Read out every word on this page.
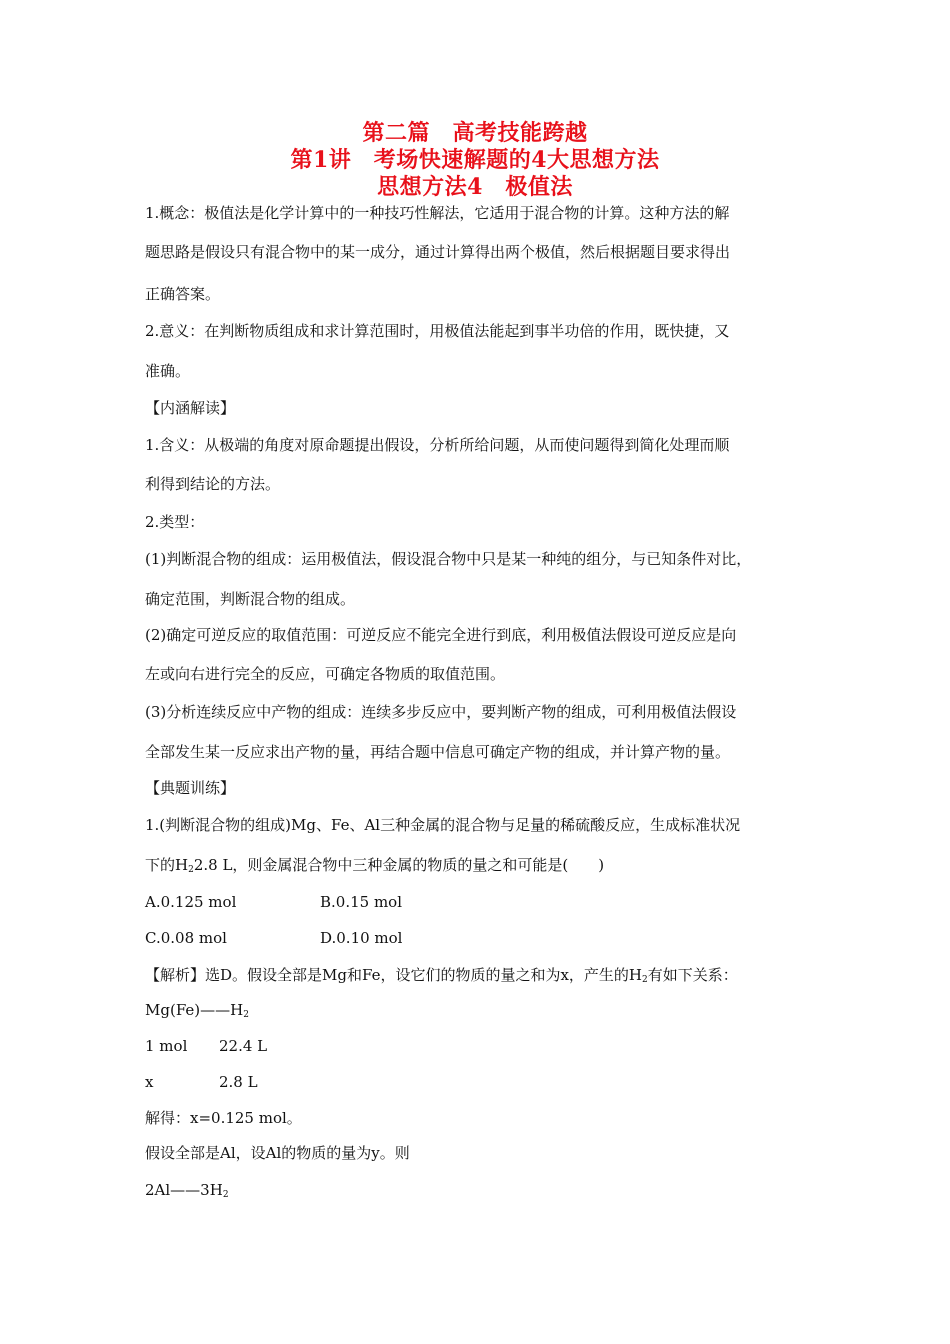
第二篇　高考技能跨越
第1讲　考场快速解题的4大思想方法
思想方法4　极值法
1.概念：极值法是化学计算中的一种技巧性解法，它适用于混合物的计算。这种方法的解
题思路是假设只有混合物中的某一成分，通过计算得出两个极值，然后根据题目要求得出
正确答案。
2.意义：在判断物质组成和求计算范围时，用极值法能起到事半功倍的作用，既快捷，又
准确。
【内涵解读】
1.含义：从极端的角度对原命题提出假设，分析所给问题，从而使问题得到简化处理而顺
利得到结论的方法。
2.类型：
(1)判断混合物的组成：运用极值法，假设混合物中只是某一种纯的组分，与已知条件对比，
确定范围，判断混合物的组成。
(2)确定可逆反应的取值范围：可逆反应不能完全进行到底，利用极值法假设可逆反应是向
左或向右进行完全的反应，可确定各物质的取值范围。
(3)分析连续反应中产物的组成：连续多步反应中，要判断产物的组成，可利用极值法假设
全部发生某一反应求出产物的量，再结合题中信息可确定产物的组成，并计算产物的量。
【典题训练】
1.(判断混合物的组成)Mg、Fe、Al三种金属的混合物与足量的稀硫酸反应，生成标准状况
下的$H_22.8$ L，则金属混合物中三种金属的物质的量之和可能是(　　)
A.0.125 mol	B.0.15 mol
C.0.08 mol	D.0.10 mol
【解析】选D。假设全部是Mg和Fe，设它们的物质的量之和为x，产生的$H_2$有如下关系：
$Mg(Fe)——H_2$
1 mol 22.4 L
x	2.8 L
解得：x=0.125 mol。
假设全部是Al，设Al的物质的量为y。则
$2Al——3H_2$
